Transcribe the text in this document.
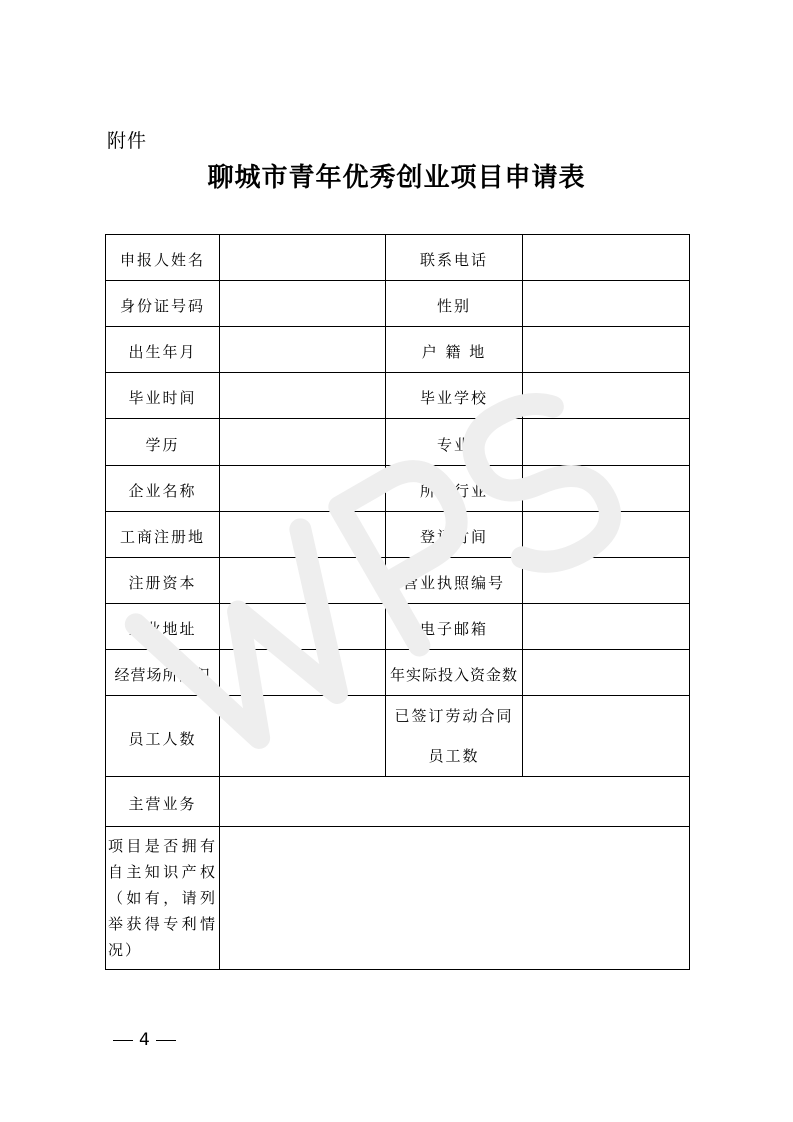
附件
聊城市青年优秀创业项目申请表
申报人姓名		联系电话	
身份证号码		性别	
出生年月		户 籍 地	
毕业时间		毕业学校	
学历		专业	
企业名称		所属行业	
工商注册地		登记时间	
注册资本		营业执照编号	
企业地址		电子邮箱	
经营场所面积		年实际投入资金数	
员工人数		已签订劳动合同员工数	
主营业务			
项目是否拥有自主知识产权（如有，请列举获得专利情况）			
WPS
4
